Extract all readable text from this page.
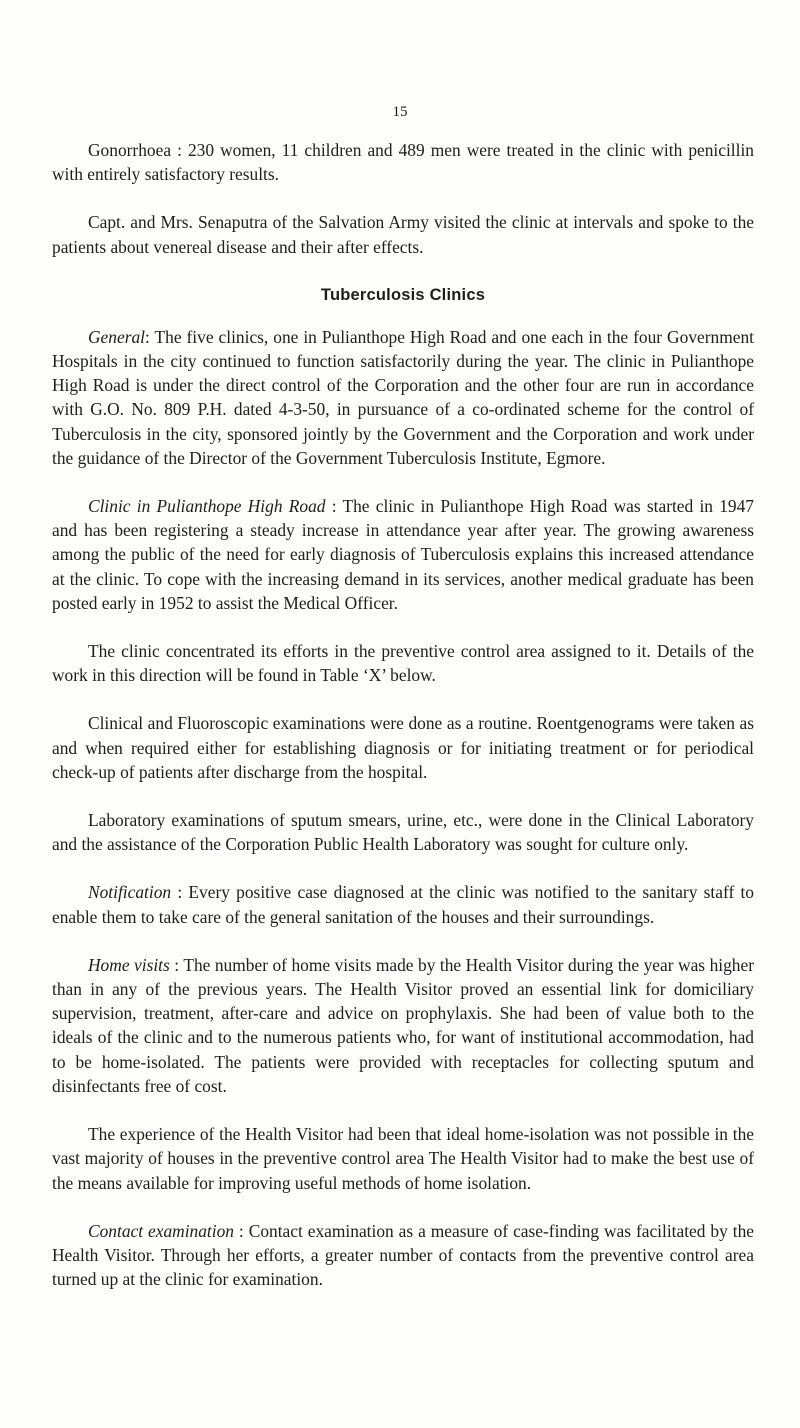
15

Gonorrhoea : 230 women, 11 children and 489 men were treated in the clinic with penicillin with entirely satisfactory results.

Capt. and Mrs. Senaputra of the Salvation Army visited the clinic at intervals and spoke to the patients about venereal disease and their after effects.

Tuberculosis Clinics

General: The five clinics, one in Pulianthope High Road and one each in the four Government Hospitals in the city continued to function satisfactorily during the year. The clinic in Pulianthope High Road is under the direct control of the Corporation and the other four are run in accordance with G.O. No. 809 P.H. dated 4-3-50, in pursuance of a co-ordinated scheme for the control of Tuberculosis in the city, sponsored jointly by the Government and the Corporation and work under the guidance of the Director of the Government Tuberculosis Institute, Egmore.

Clinic in Pulianthope High Road : The clinic in Pulianthope High Road was started in 1947 and has been registering a steady increase in attendance year after year. The growing awareness among the public of the need for early diagnosis of Tuberculosis explains this increased attendance at the clinic. To cope with the increasing demand in its services, another medical graduate has been posted early in 1952 to assist the Medical Officer.

The clinic concentrated its efforts in the preventive control area assigned to it. Details of the work in this direction will be found in Table ‘X’ below.

Clinical and Fluoroscopic examinations were done as a routine. Roentgenograms were taken as and when required either for establishing diagnosis or for initiating treatment or for periodical check-up of patients after discharge from the hospital.

Laboratory examinations of sputum smears, urine, etc., were done in the Clinical Laboratory and the assistance of the Corporation Public Health Laboratory was sought for culture only.

Notification : Every positive case diagnosed at the clinic was notified to the sanitary staff to enable them to take care of the general sanitation of the houses and their surroundings.

Home visits : The number of home visits made by the Health Visitor during the year was higher than in any of the previous years. The Health Visitor proved an essential link for domiciliary supervision, treatment, after-care and advice on prophylaxis. She had been of value both to the ideals of the clinic and to the numerous patients who, for want of institutional accommodation, had to be home-isolated. The patients were provided with receptacles for collecting sputum and disinfectants free of cost.

The experience of the Health Visitor had been that ideal home-isolation was not possible in the vast majority of houses in the preventive control area The Health Visitor had to make the best use of the means available for improving useful methods of home isolation.

Contact examination : Contact examination as a measure of case-finding was facilitated by the Health Visitor. Through her efforts, a greater number of contacts from the preventive control area turned up at the clinic for examination.
